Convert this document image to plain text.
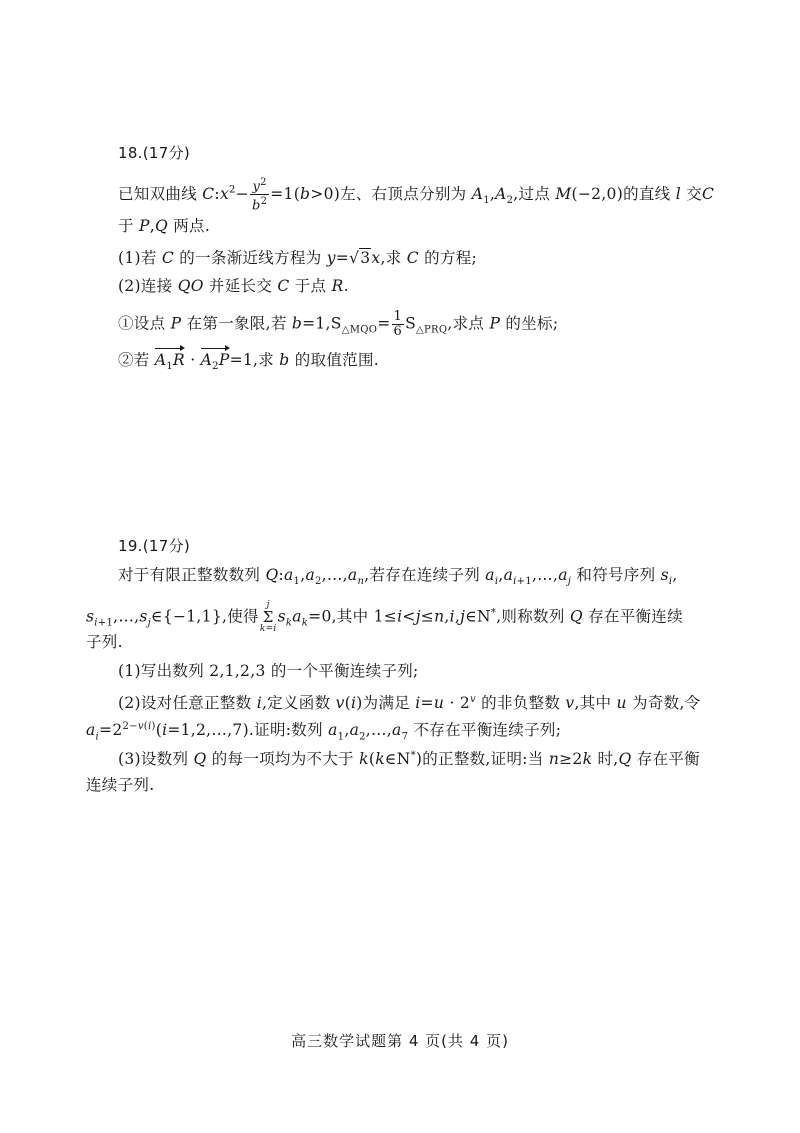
18.(17分)
已知双曲线 $C:x^2- \frac{y^2}{b^2} =1(b>0)$左、右顶点分别为 $A_1,A_2$,过点 M(−2,0)的直线 l 交C
于 P,Q 两点.
(1)若 C 的一条渐近线方程为 y=√3x,求 C 的方程;
(2)连接 QO 并延长交 C 于点 R.
①设点 P 在第一象限,若 $b=1,S_{\triangle MQO}= \frac{1}{6} S_{\triangle PRQ}$,求点 P 的坐标;
②若 $A_1R \cdot A_2P=1$,求 b 的取值范围.
19.(17分)
对于有限正整数数列 $Q:a_1,a_2,\dots,a_n$,若存在连续子列 $a_i,a_{i+1},\dots,a_j$ 和符号序列 $s_i$,
$s_{i+1},\dots,s_j\in\{-1,1\}$,使得j
Σ
$k=is_ka_k=0$,其中 1≤i<j≤n,i,j∈N*,则称数列 Q 存在平衡连续
子列.
(1)写出数列 2,1,2,3 的一个平衡连续子列;
(2)设对任意正整数 i,定义函数 v(i)为满足 $i=u \cdot 2^v$ 的非负整数 v,其中 u 为奇数,令
$a_i=2^{2-v(i)}(i=1,2,\dots,7)$.证明:数列 $a_1,a_2,\dots,a_7$ 不存在平衡连续子列;
(3)设数列 Q 的每一项均为不大于 k(k∈N*)的正整数,证明:当 n≥2k 时,Q 存在平衡
连续子列.
高三数学试题第 4 页(共 4 页)
